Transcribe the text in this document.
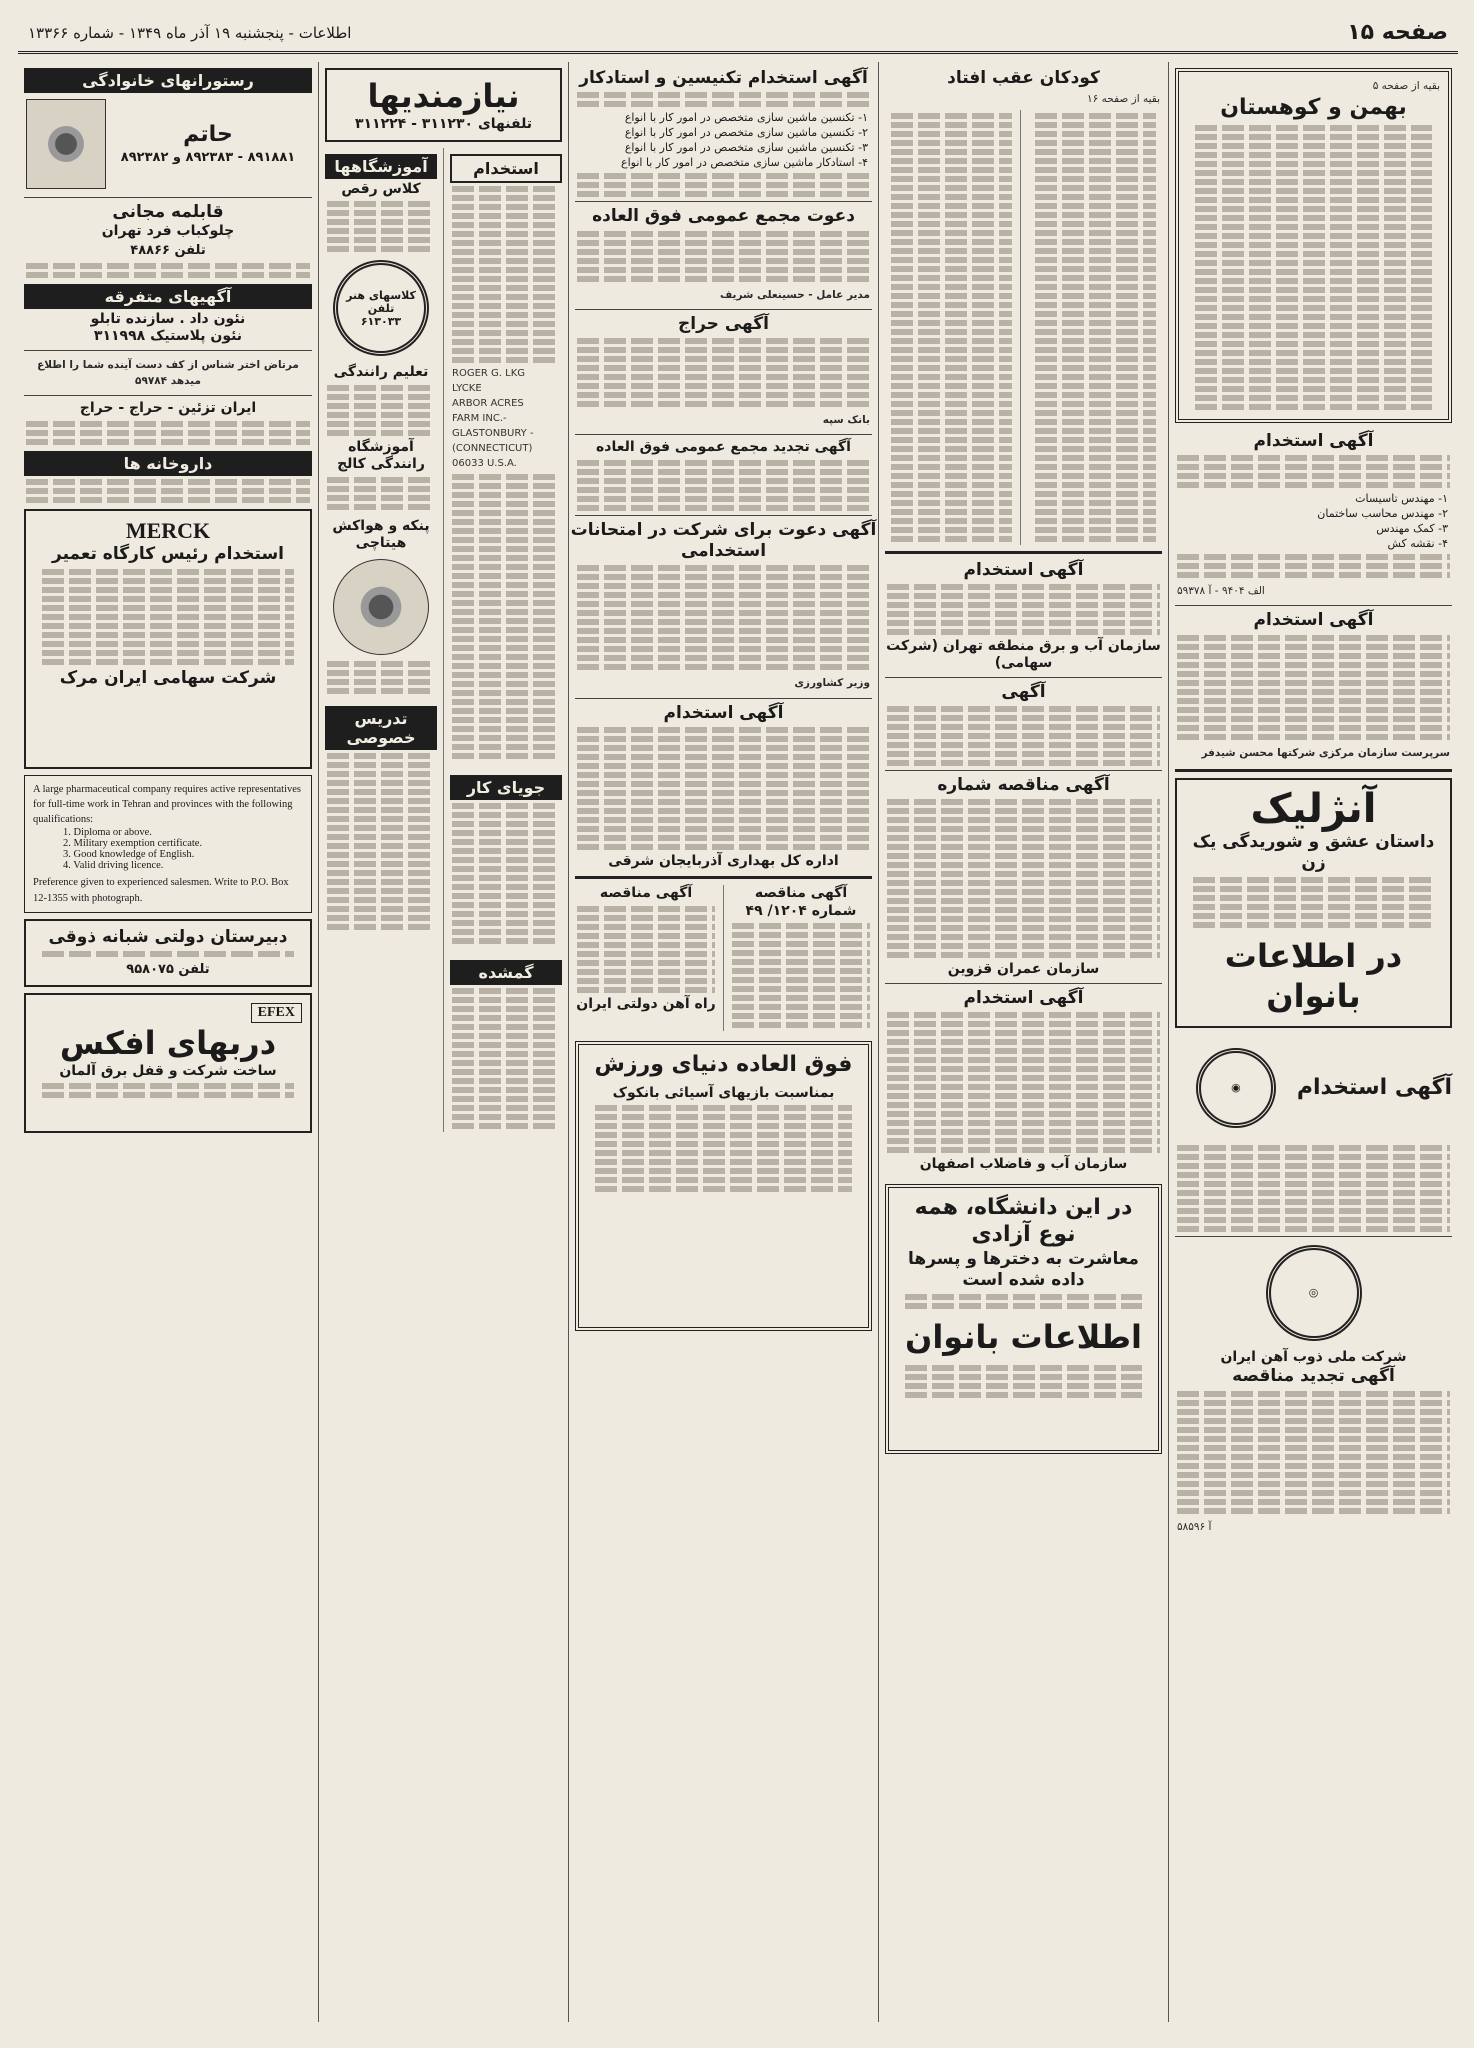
صفحه ۱۵
اطلاعات - پنجشنبه ۱۹ آذر ماه ۱۳۴۹ - شماره ۱۳۳۶۶
بقیه از صفحه ۵
بهمن و کوهستان
آگهی استخدام
۱- مهندس تاسیسات
۲- مهندس محاسب ساختمان
۳- کمک مهندس
۴- نقشه کش
الف ۹۴۰۴ - آ ۵۹۳۷۸
آگهی استخدام
سرپرست سازمان مرکزی شرکتها محسن شیدفر
آنژلیک
داستان عشق و شوریدگی یک زن
در اطلاعات بانوان
آگهی استخدام
◉
◎
شرکت ملی ذوب آهن ایران
آگهی تجدید مناقصه
آ ۵۸۵۹۶
کودکان عقب افتاد
بقیه از صفحه ۱۶
آگهی استخدام
سازمان آب و برق منطقه تهران (شرکت سهامی)
آگهی
آگهی مناقصه شماره
سازمان عمران قزوین
آگهی استخدام
سازمان آب و فاضلاب اصفهان
در این دانشگاه، همه نوع آزادی
معاشرت به دخترها و پسرها داده شده است
اطلاعات بانوان
آگهی استخدام تکنیسین و استادکار
۱- تکنسین ماشین سازی متخصص در امور کار با انواع
۲- تکنسین ماشین سازی متخصص در امور کار با انواع
۳- تکنسین ماشین سازی متخصص در امور کار با انواع
۴- استادکار ماشین سازی متخصص در امور کار با انواع
دعوت مجمع عمومی فوق العاده
مدیر عامل - حسینعلی شریف
آگهی حراج
بانک سپه
آگهی تجدید مجمع عمومی فوق العاده
آگهی دعوت برای شرکت در امتحانات استخدامی
وزیر کشاورزی
آگهی استخدام
اداره کل بهداری آذربایجان شرقی
آگهی مناقصه
شماره ۱۲۰۴/ ۴۹
آگهی مناقصه
راه آهن دولتی ایران
فوق العاده دنیای ورزش
بمناسبت بازیهای آسیائی بانکوک
نیازمندیها
تلفنهای ۳۱۱۲۳۰ - ۳۱۱۲۲۴
استخدام
ROGER G. LKG
LYCKE
ARBOR ACRES
FARM INC.-
GLASTONBURY -
(CONNECTICUT)
06033 U.S.A.
جویای کار
گمشده
آموزشگاهها
کلاس رقص
کلاسهای هنر تلفن ۶۱۳۰۳۳
تعلیم رانندگی
آموزشگاه رانندگی کالج
پنکه و هواکش هیتاچی
تدریس خصوصی
رستورانهای خانوادگی
حاتم
۸۹۱۸۸۱ - ۸۹۲۳۸۳ و ۸۹۲۳۸۲
قابلمه مجانی
چلوکباب فرد تهران
تلفن ۴۸۸۶۶
آگهیهای متفرقه
نئون داد . سازنده تابلو
نئون پلاستیک ۳۱۱۹۹۸
مرتاض اختر شناس از کف دست آینده شما را اطلاع میدهد ۵۹۷۸۴
ایران تزئین - حراج - حراج
داروخانه ها
MERCK
استخدام رئیس کارگاه تعمیر
شرکت سهامی ایران مرک
A large pharmaceutical company requires active representatives for full-time work in Tehran and provinces with the following qualifications:
1. Diploma or above.
2. Military exemption certificate.
3. Good knowledge of English.
4. Valid driving licence.
Preference given to experienced salesmen. Write to P.O. Box 12-1355 with photograph.
دبیرستان دولتی شبانه ذوقی
تلفن ۹۵۸۰۷۵
EFEX
دربهای افکس
ساخت شرکت و قفل برق آلمان
